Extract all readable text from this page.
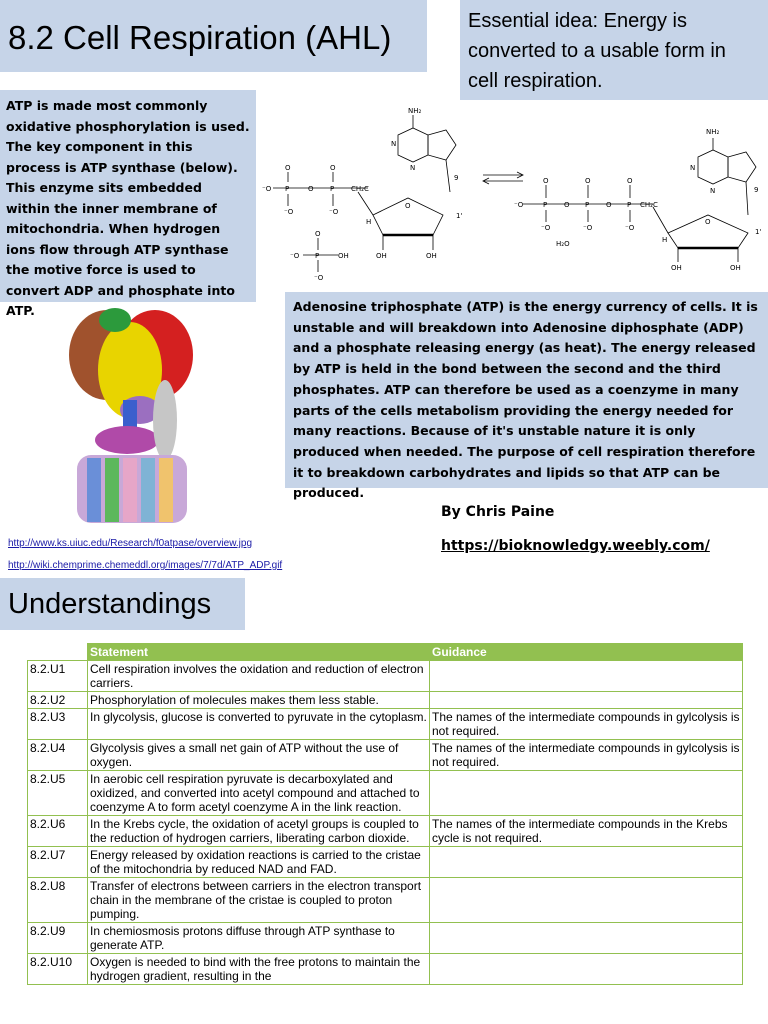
8.2 Cell Respiration (AHL)	Essential idea: Energy is converted to a usable form in cell respiration.

ATP is made most commonly oxidative phosphorylation is used. The key component in this process is ATP synthase (below). This enzyme sits embedded within the inner membrane of mitochondria. When hydrogen ions flow through ATP synthase the motive force is used to convert ADP and phosphate into ATP.

NH₂
N
N
9
1'
O
OH	OH
H
⁻O P	O P CH₂C
O	O
⁻O	⁻O
⁻O P	OH
O
⁻O
NH₂
N
N	9
1'
O
OH	OH
H
⁻O	P O P O P CH₂C
O	O	O
⁻O	⁻O	⁻O
H₂O

Adenosine triphosphate (ATP) is the energy currency of cells. It is unstable and will breakdown into Adenosine diphosphate (ADP) and a phosphate releasing energy (as heat). The energy released by ATP is held in the bond between the second and the third phosphates. ATP can therefore be used as a coenzyme in many parts of the cells metabolism providing the energy needed for many reactions. Because of it's unstable nature it is only produced when needed. The purpose of cell respiration therefore it to breakdown carbohydrates and lipids so that ATP can be produced.

http://www.ks.uiuc.edu/Research/f0atpase/overview.jpg
http://wiki.chemprime.chemeddl.org/images/7/7d/ATP_ADP.gif
By Chris Paine
https://bioknowledgy.weebly.com/
Understandings
	Statement	Guidance
8.2.U1	Cell respiration involves the oxidation and reduction of electron carriers.	
8.2.U2	Phosphorylation of molecules makes them less stable.	
8.2.U3	In glycolysis, glucose is converted to pyruvate in the cytoplasm.	The names of the intermediate compounds in gylcolysis is not required.
8.2.U4	Glycolysis gives a small net gain of ATP without the use of oxygen.	The names of the intermediate compounds in gylcolysis is not required.
8.2.U5	In aerobic cell respiration pyruvate is decarboxylated and oxidized, and converted into acetyl compound and attached to coenzyme A to form acetyl coenzyme A in the link reaction.	
8.2.U6	In the Krebs cycle, the oxidation of acetyl groups is coupled to the reduction of hydrogen carriers, liberating carbon dioxide.	The names of the intermediate compounds in the Krebs cycle is not required.
8.2.U7	Energy released by oxidation reactions is carried to the cristae of the mitochondria by reduced NAD and FAD.	
8.2.U8	Transfer of electrons between carriers in the electron transport chain in the membrane of the cristae is coupled to proton pumping.	
8.2.U9	In chemiosmosis protons diffuse through ATP synthase to generate ATP.	
8.2.U10	Oxygen is needed to bind with the free protons to maintain the hydrogen gradient, resulting in the	
